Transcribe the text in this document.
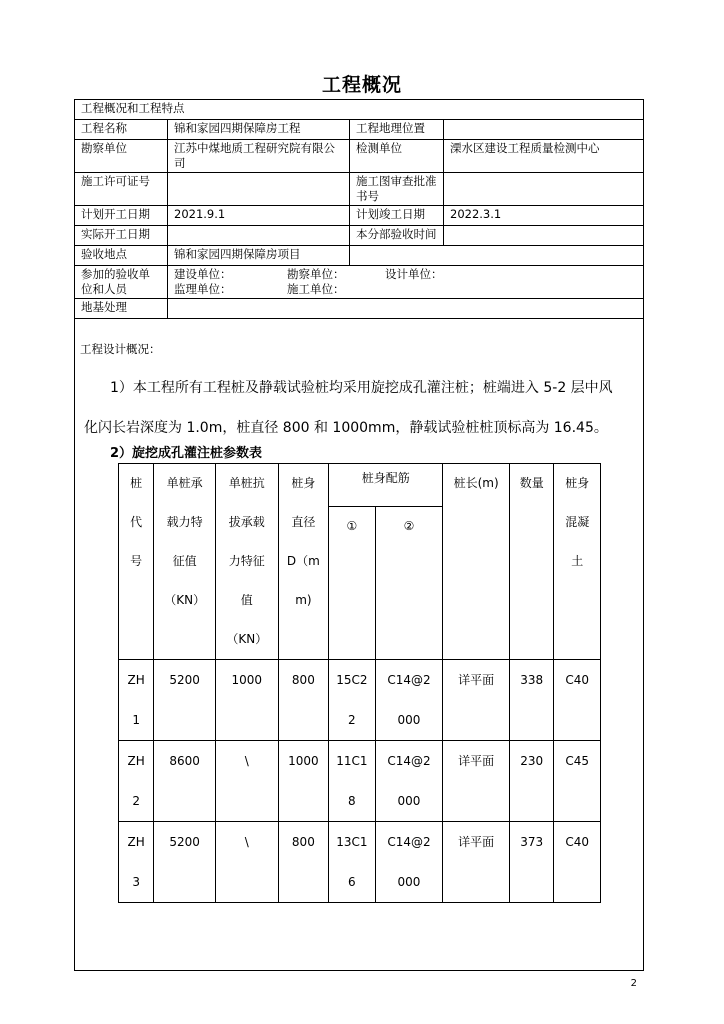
工程概况
工程概况和工程特点			
工程名称	锦和家园四期保障房工程	工程地理位置	
勘察单位	江苏中煤地质工程研究院有限公司	检测单位	溧水区建设工程质量检测中心
施工许可证号		施工图审查批准书号	
计划开工日期	2021.9.1	计划竣工日期	2022.3.1
实际开工日期		本分部验收时间	
验收地点	锦和家园四期保障房项目		
参加的验收单位和人员	建设单位： 勘察单位： 设计单位：
监理单位： 施工单位：		
地基处理			
工程设计概况：
1）本工程所有工程桩及静载试验桩均采用旋挖成孔灌注桩；桩端进入 5-2 层中风
化闪长岩深度为 1.0m，桩直径 800 和 1000mm，静载试验桩桩顶标高为 16.45。
2）旋挖成孔灌注桩参数表
桩
代
号	单桩承
载力特
征值
（KN）	单桩抗
拔承载
力特征
值
（KN）	桩身
直径
D（m
m)	桩身配筋		桩长(m)	数量	桩身
混凝
土

				①	②			

ZH
1	5200	1000	800	15C2
2	C14@2
000	详平面	338	C40

ZH
2	8600	\	1000	11C1
8	C14@2
000	详平面	230	C45

ZH
3	5200	\	800	13C1
6	C14@2
000	详平面	373	C40
2
